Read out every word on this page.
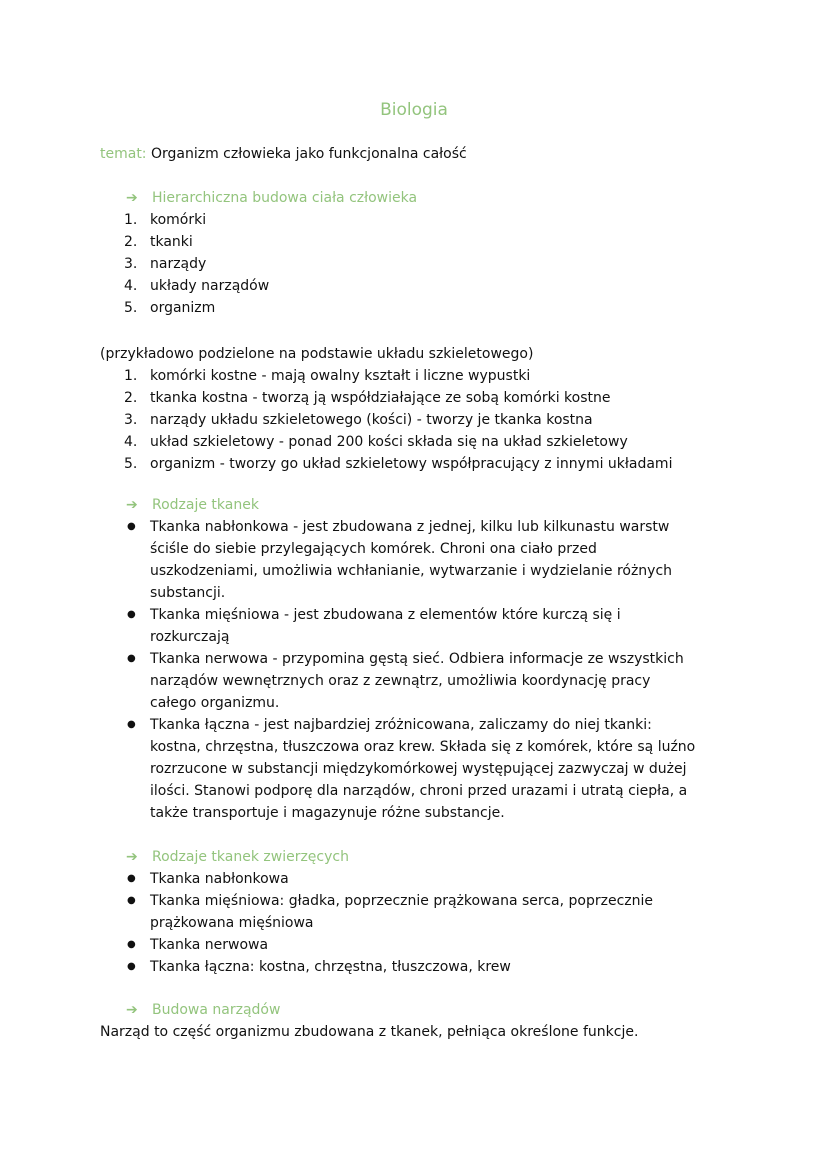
Biologia
temat: Organizm człowieka jako funkcjonalna całość
➔ Hierarchiczna budowa ciała człowieka
1. komórki
2. tkanki
3. narządy
4. układy narządów
5. organizm
(przykładowo podzielone na podstawie układu szkieletowego)
1. komórki kostne - mają owalny kształt i liczne wypustki
2. tkanka kostna - tworzą ją współdziałające ze sobą komórki kostne
3. narządy układu szkieletowego (kości) - tworzy je tkanka kostna
4. układ szkieletowy - ponad 200 kości składa się na układ szkieletowy
5. organizm - tworzy go układ szkieletowy współpracujący z innymi układami
➔ Rodzaje tkanek
● Tkanka nabłonkowa - jest zbudowana z jednej, kilku lub kilkunastu warstw
ściśle do siebie przylegających komórek. Chroni ona ciało przed
uszkodzeniami, umożliwia wchłanianie, wytwarzanie i wydzielanie różnych
substancji.
● Tkanka mięśniowa - jest zbudowana z elementów które kurczą się i
rozkurczają
● Tkanka nerwowa - przypomina gęstą sieć. Odbiera informacje ze wszystkich
narządów wewnętrznych oraz z zewnątrz, umożliwia koordynację pracy
całego organizmu.
● Tkanka łączna - jest najbardziej zróżnicowana, zaliczamy do niej tkanki:
kostna, chrzęstna, tłuszczowa oraz krew. Składa się z komórek, które są luźno
rozrzucone w substancji międzykomórkowej występującej zazwyczaj w dużej
ilości. Stanowi podporę dla narządów, chroni przed urazami i utratą ciepła, a
także transportuje i magazynuje różne substancje.
➔ Rodzaje tkanek zwierzęcych
● Tkanka nabłonkowa
● Tkanka mięśniowa: gładka, poprzecznie prążkowana serca, poprzecznie
prążkowana mięśniowa
● Tkanka nerwowa
● Tkanka łączna: kostna, chrzęstna, tłuszczowa, krew
➔ Budowa narządów
Narząd to część organizmu zbudowana z tkanek, pełniąca określone funkcje.
